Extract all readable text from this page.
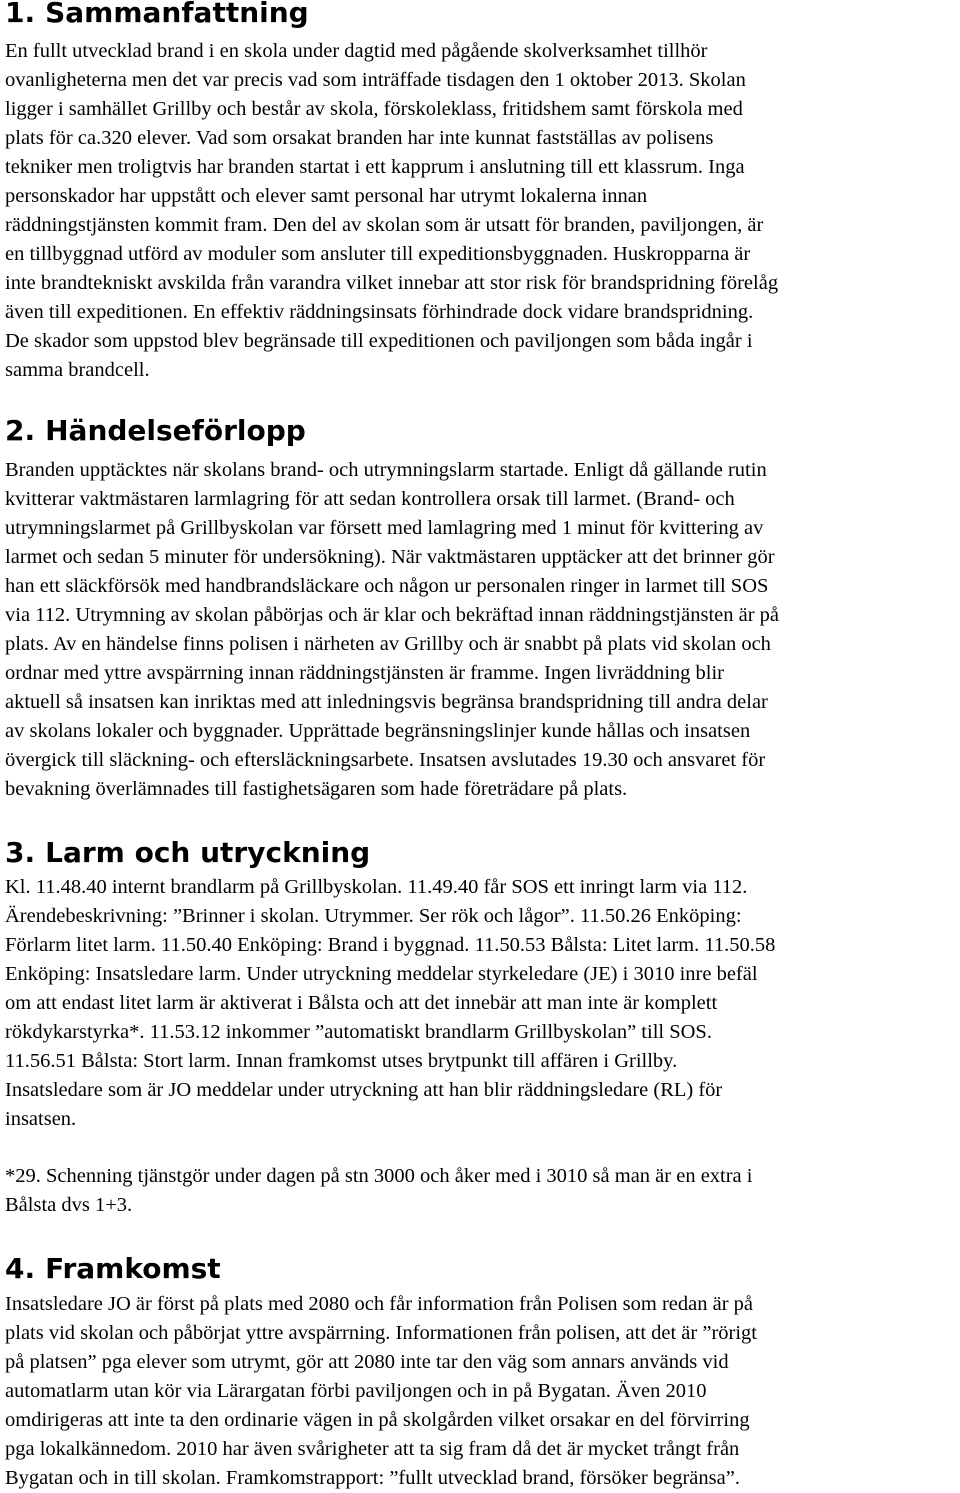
1. Sammanfattning

En fullt utvecklad brand i en skola under dagtid med pågående skolverksamhet tillhör
ovanligheterna men det var precis vad som inträffade tisdagen den 1 oktober 2013. Skolan
ligger i samhället Grillby och består av skola, förskoleklass, fritidshem samt förskola med
plats för ca.320 elever. Vad som orsakat branden har inte kunnat fastställas av polisens
tekniker men troligtvis har branden startat i ett kapprum i anslutning till ett klassrum. Inga
personskador har uppstått och elever samt personal har utrymt lokalerna innan
räddningstjänsten kommit fram. Den del av skolan som är utsatt för branden, paviljongen, är
en tillbyggnad utförd av moduler som ansluter till expeditionsbyggnaden. Huskropparna är
inte brandtekniskt avskilda från varandra vilket innebar att stor risk för brandspridning förelåg
även till expeditionen. En effektiv räddningsinsats förhindrade dock vidare brandspridning.
De skador som uppstod blev begränsade till expeditionen och paviljongen som båda ingår i
samma brandcell.

2. Händelseförlopp

Branden upptäcktes när skolans brand- och utrymningslarm startade. Enligt då gällande rutin
kvitterar vaktmästaren larmlagring för att sedan kontrollera orsak till larmet. (Brand- och
utrymningslarmet på Grillbyskolan var försett med lamlagring med 1 minut för kvittering av
larmet och sedan 5 minuter för undersökning). När vaktmästaren upptäcker att det brinner gör
han ett släckförsök med handbrandsläckare och någon ur personalen ringer in larmet till SOS
via 112. Utrymning av skolan påbörjas och är klar och bekräftad innan räddningstjänsten är på
plats. Av en händelse finns polisen i närheten av Grillby och är snabbt på plats vid skolan och
ordnar med yttre avspärrning innan räddningstjänsten är framme. Ingen livräddning blir
aktuell så insatsen kan inriktas med att inledningsvis begränsa brandspridning till andra delar
av skolans lokaler och byggnader. Upprättade begränsningslinjer kunde hållas och insatsen
övergick till släckning- och eftersläckningsarbete. Insatsen avslutades 19.30 och ansvaret för
bevakning överlämnades till fastighetsägaren som hade företrädare på plats.

3. Larm och utryckning

Kl. 11.48.40 internt brandlarm på Grillbyskolan. 11.49.40 får SOS ett inringt larm via 112.
Ärendebeskrivning: ”Brinner i skolan. Utrymmer. Ser rök och lågor”. 11.50.26 Enköping:
Förlarm litet larm. 11.50.40 Enköping: Brand i byggnad. 11.50.53 Bålsta: Litet larm. 11.50.58
Enköping: Insatsledare larm. Under utryckning meddelar styrkeledare (JE) i 3010 inre befäl
om att endast litet larm är aktiverat i Bålsta och att det innebär att man inte är komplett
rökdykarstyrka*. 11.53.12 inkommer ”automatiskt brandlarm Grillbyskolan” till SOS.
11.56.51 Bålsta: Stort larm. Innan framkomst utses brytpunkt till affären i Grillby.
Insatsledare som är JO meddelar under utryckning att han blir räddningsledare (RL) för
insatsen.

*29. Schenning tjänstgör under dagen på stn 3000 och åker med i 3010 så man är en extra i
Bålsta dvs 1+3.

4. Framkomst

Insatsledare JO är först på plats med 2080 och får information från Polisen som redan är på
plats vid skolan och påbörjat yttre avspärrning. Informationen från polisen, att det är ”rörigt
på platsen” pga elever som utrymt, gör att 2080 inte tar den väg som annars används vid
automatlarm utan kör via Lärargatan förbi paviljongen och in på Bygatan. Även 2010
omdirigeras att inte ta den ordinarie vägen in på skolgården vilket orsakar en del förvirring
pga lokalkännedom. 2010 har även svårigheter att ta sig fram då det är mycket trångt från
Bygatan och in till skolan. Framkomstrapport: ”fullt utvecklad brand, försöker begränsa”.
